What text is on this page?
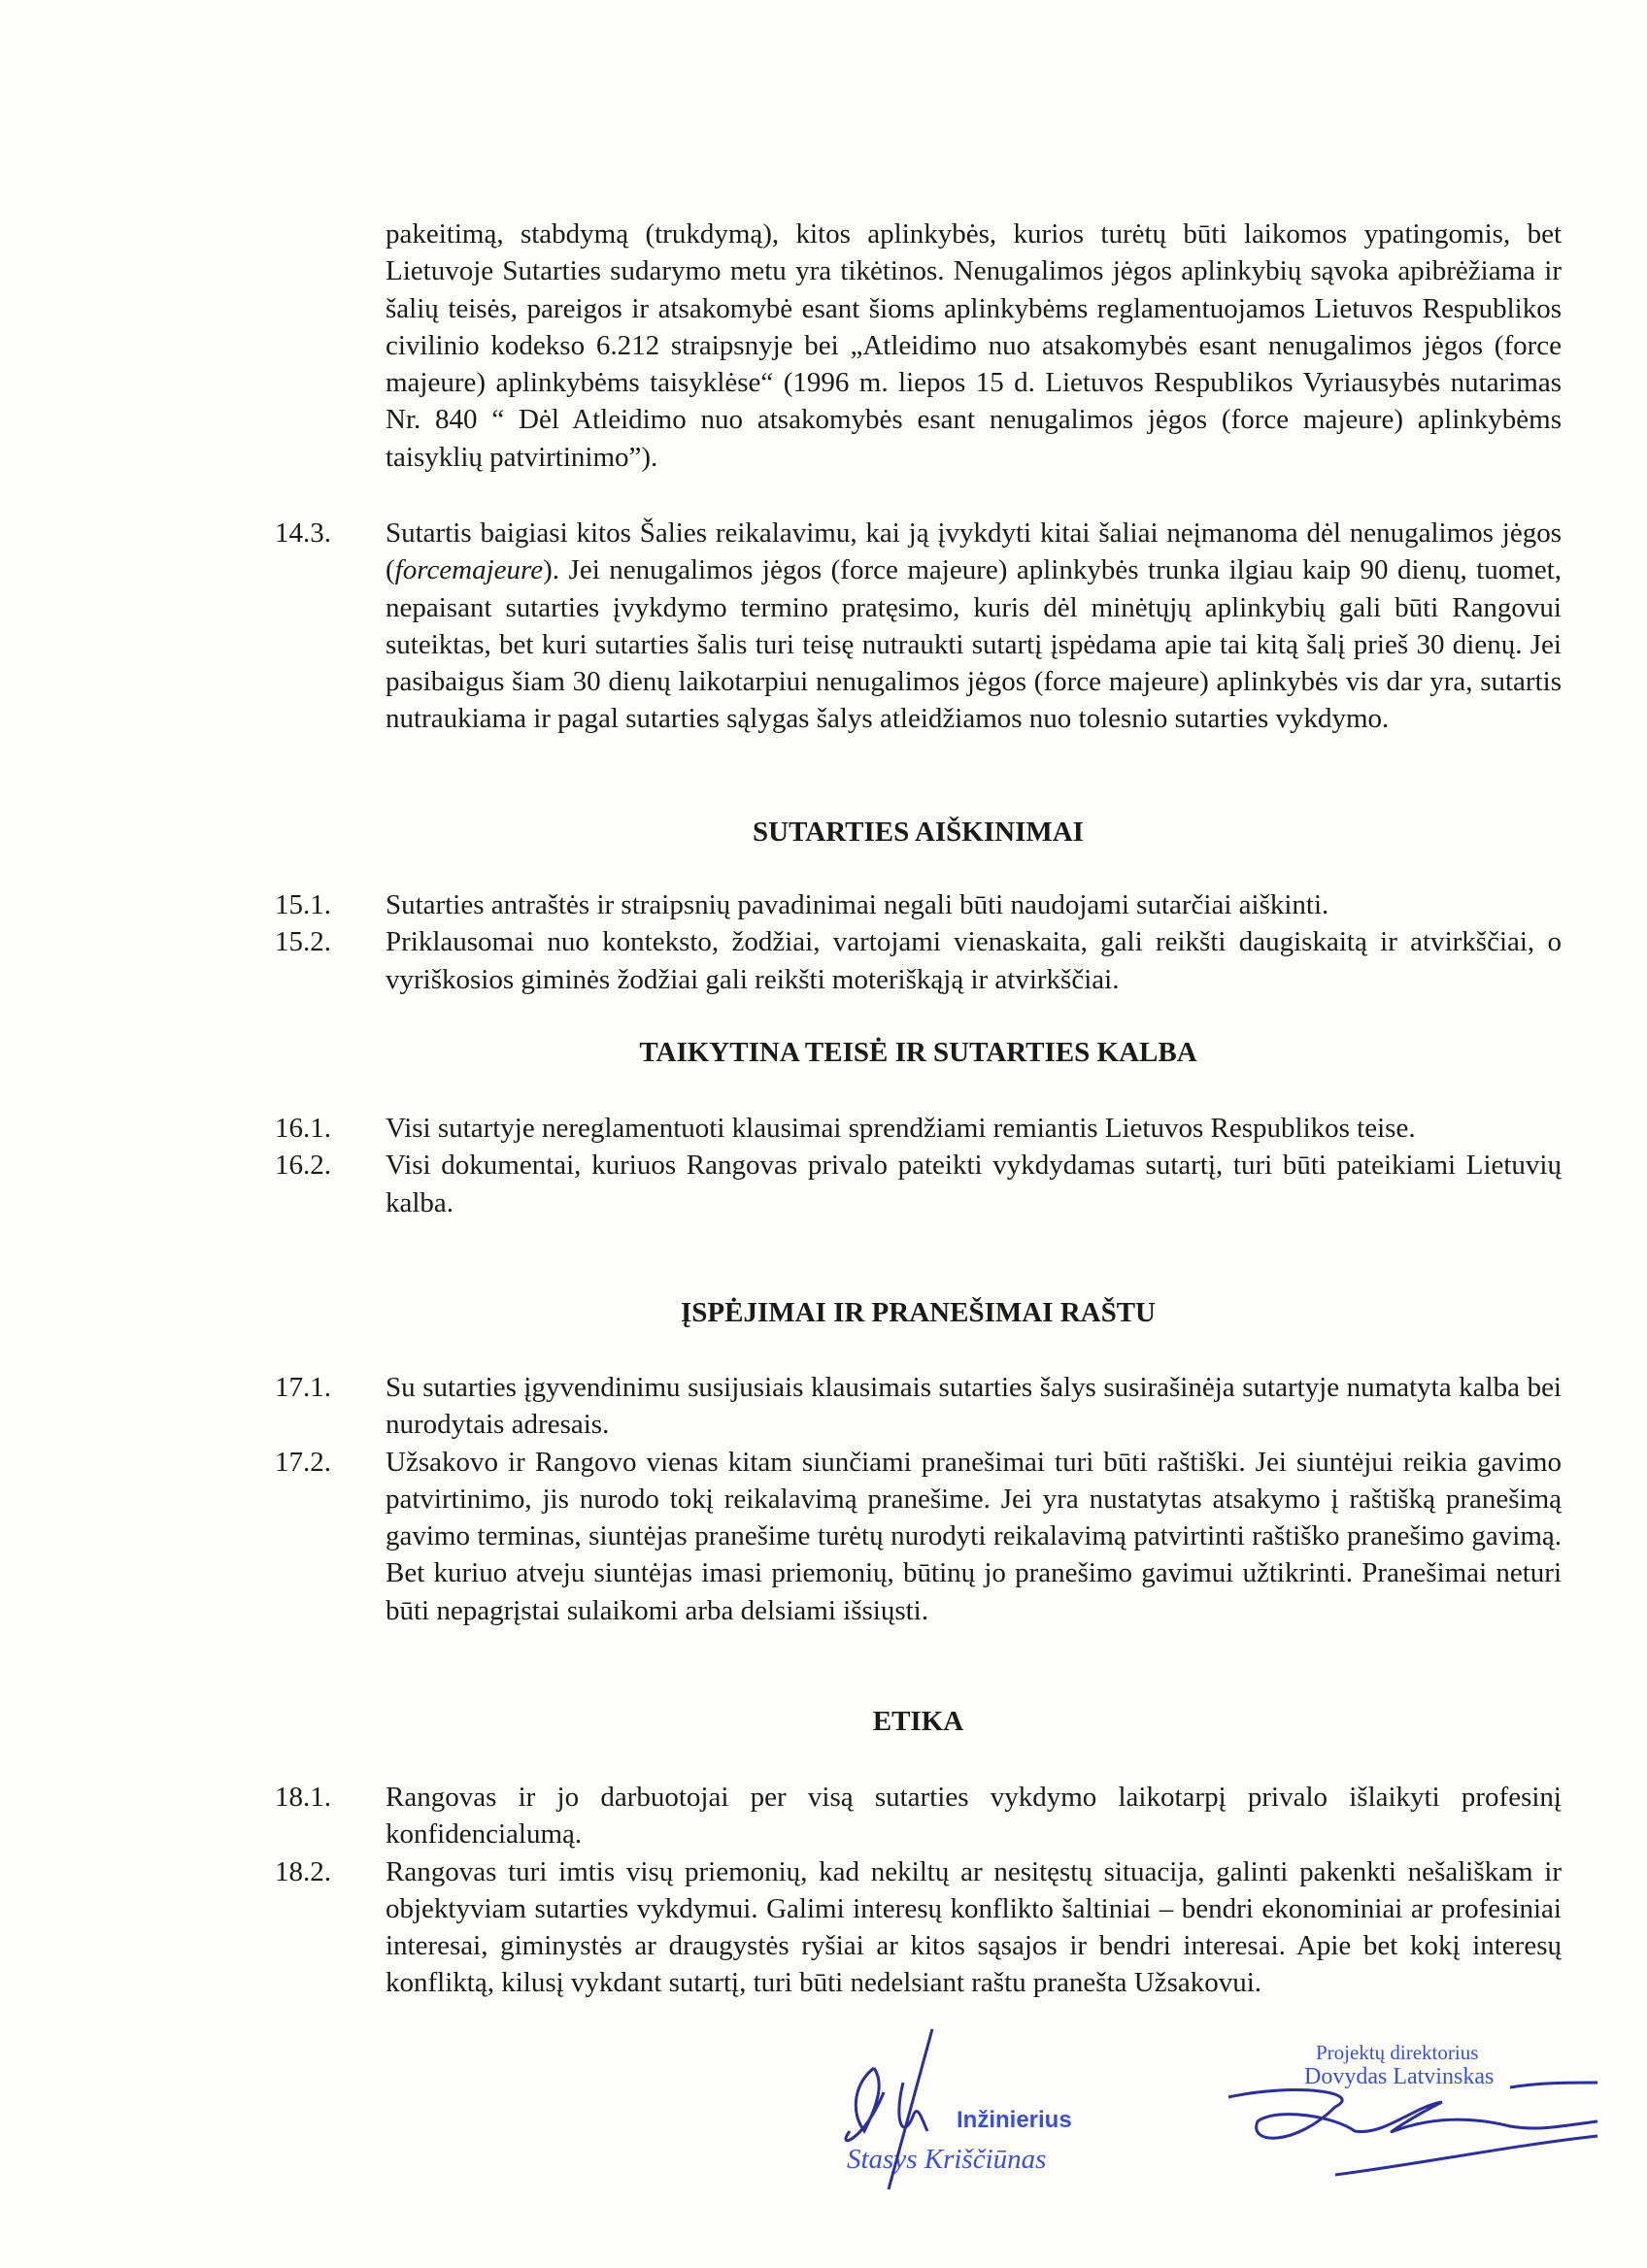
pakeitimą, stabdymą (trukdymą), kitos aplinkybės, kurios turėtų būti laikomos ypatingomis, bet Lietuvoje Sutarties sudarymo metu yra tikėtinos. Nenugalimos jėgos aplinkybių sąvoka apibrėžiama ir šalių teisės, pareigos ir atsakomybė esant šioms aplinkybėms reglamentuojamos Lietuvos Respublikos civilinio kodekso 6.212 straipsnyje bei „Atleidimo nuo atsakomybės esant nenugalimos jėgos (force majeure) aplinkybėms taisyklėse“ (1996 m. liepos 15 d. Lietuvos Respublikos Vyriausybės nutarimas Nr. 840 “ Dėl Atleidimo nuo atsakomybės esant nenugalimos jėgos (force majeure) aplinkybėms taisyklių patvirtinimo”).
14.3.	Sutartis baigiasi kitos Šalies reikalavimu, kai ją įvykdyti kitai šaliai neįmanoma dėl nenugalimos jėgos (forcemajeure). Jei nenugalimos jėgos (force majeure) aplinkybės trunka ilgiau kaip 90 dienų, tuomet, nepaisant sutarties įvykdymo termino pratęsimo, kuris dėl minėtųjų aplinkybių gali būti Rangovui suteiktas, bet kuri sutarties šalis turi teisę nutraukti sutartį įspėdama apie tai kitą šalį prieš 30 dienų. Jei pasibaigus šiam 30 dienų laikotarpiui nenugalimos jėgos (force majeure) aplinkybės vis dar yra, sutartis nutraukiama ir pagal sutarties sąlygas šalys atleidžiamos nuo tolesnio sutarties vykdymo.
SUTARTIES AIŠKINIMAI
15.1.	Sutarties antraštės ir straipsnių pavadinimai negali būti naudojami sutarčiai aiškinti.
15.2.	Priklausomai nuo konteksto, žodžiai, vartojami vienaskaita, gali reikšti daugiskaitą ir atvirkščiai, o vyriškosios giminės žodžiai gali reikšti moteriškąją ir atvirkščiai.
TAIKYTINA TEISĖ IR SUTARTIES KALBA
16.1.	Visi sutartyje nereglamentuoti klausimai sprendžiami remiantis Lietuvos Respublikos teise.
16.2.	Visi dokumentai, kuriuos Rangovas privalo pateikti vykdydamas sutartį, turi būti pateikiami Lietuvių kalba.
ĮSPĖJIMAI IR PRANEŠIMAI RAŠTU
17.1.	Su sutarties įgyvendinimu susijusiais klausimais sutarties šalys susirašinėja sutartyje numatyta kalba bei nurodytais adresais.
17.2.	Užsakovo ir Rangovo vienas kitam siunčiami pranešimai turi būti raštiški. Jei siuntėjui reikia gavimo patvirtinimo, jis nurodo tokį reikalavimą pranešime. Jei yra nustatytas atsakymo į raštišką pranešimą gavimo terminas, siuntėjas pranešime turėtų nurodyti reikalavimą patvirtinti raštiško pranešimo gavimą. Bet kuriuo atveju siuntėjas imasi priemonių, būtinų jo pranešimo gavimui užtikrinti. Pranešimai neturi būti nepagrįstai sulaikomi arba delsiami išsiųsti.
ETIKA
18.1.	Rangovas ir jo darbuotojai per visą sutarties vykdymo laikotarpį privalo išlaikyti profesinį konfidencialumą.
18.2.	Rangovas turi imtis visų priemonių, kad nekiltų ar nesitęstų situacija, galinti pakenkti nešališkam ir objektyviam sutarties vykdymui. Galimi interesų konflikto šaltiniai – bendri ekonominiai ar profesiniai interesai, giminystės ar draugystės ryšiai ar kitos sąsajos ir bendri interesai. Apie bet kokį interesų konfliktą, kilusį vykdant sutartį, turi būti nedelsiant raštu pranešta Užsakovui.
Inžinierius
Stasys Kriščiūnas
Projektų direktorius
Dovydas Latvinskas
